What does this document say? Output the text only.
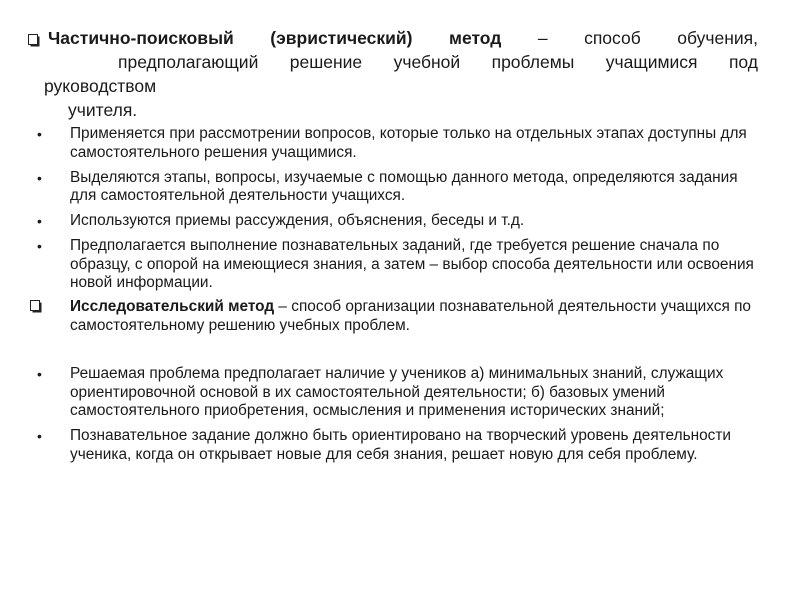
Частично-поисковый (эвристический) метод – способ обучения,
предполагающий решение учебной проблемы учащимися под
руководством
учителя.
• Применяется при рассмотрении вопросов, которые только на отдельных этапах доступны для самостоятельного решения учащимися.
• Выделяются этапы, вопросы, изучаемые с помощью данного метода, определяются задания для самостоятельной деятельности учащихся.
• Используются приемы рассуждения, объяснения, беседы и т.д.
• Предполагается выполнение познавательных заданий, где требуется решение сначала по образцу, с опорой на имеющиеся знания, а затем – выбор способа деятельности или освоения новой информации.
Исследовательский метод – способ организации познавательной деятельности учащихся по самостоятельному решению учебных проблем.
• Решаемая проблема предполагает наличие у учеников а) минимальных знаний, служащих ориентировочной основой в их самостоятельной деятельности; б) базовых умений самостоятельного приобретения, осмысления и применения исторических знаний;
• Познавательное задание должно быть ориентировано на творческий уровень деятельности ученика, когда он открывает новые для себя знания, решает новую для себя проблему.
